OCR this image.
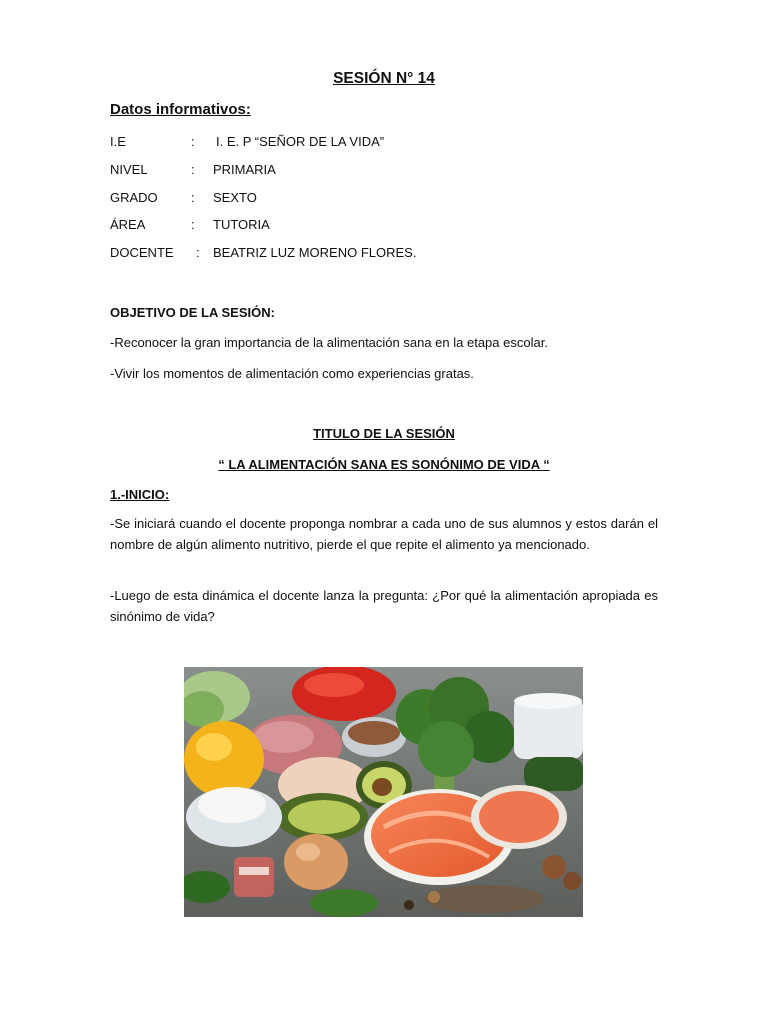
SESIÓN N° 14
Datos informativos:
I.E	: I. E. P “SEÑOR DE LA VIDA”
NIVEL	: PRIMARIA
GRADO	: SEXTO
ÁREA	: TUTORIA
DOCENTE : BEATRIZ LUZ MORENO FLORES.
OBJETIVO DE LA SESIÓN:
-Reconocer la gran importancia de la alimentación sana en la etapa escolar.
-Vivir los momentos de alimentación como experiencias gratas.
TITULO DE LA SESIÓN
“ LA ALIMENTACIÓN SANA ES SONÓNIMO DE VIDA “
1.-INICIO:
-Se iniciará cuando el docente proponga nombrar a cada uno de sus alumnos y estos darán el nombre de algún alimento nutritivo, pierde el que repite el alimento ya mencionado.
-Luego de esta dinámica el docente lanza la pregunta: ¿Por qué la alimentación apropiada es sinónimo de vida?
